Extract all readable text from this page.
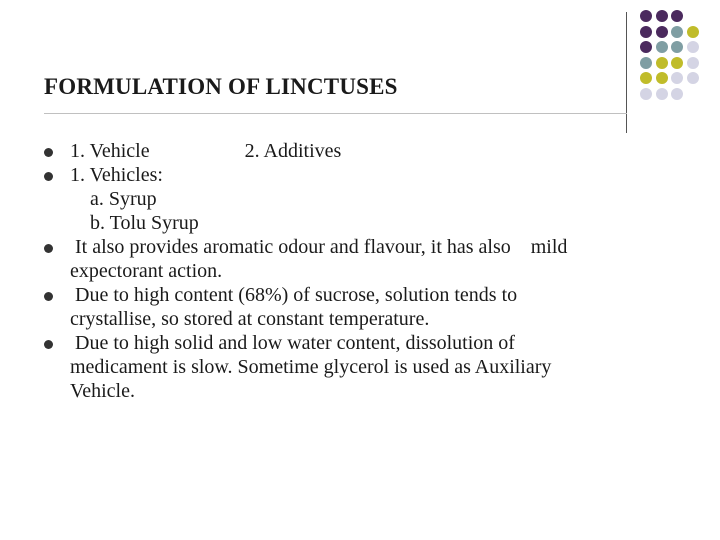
FORMULATION OF LINCTUSES
1. Vehicle                   2. Additives
1. Vehicles:
a. Syrup
b. Tolu Syrup
It also provides aromatic odour and flavour, it has also    mild
expectorant action.
Due to high content (68%) of sucrose, solution tends to
crystallise, so stored at constant temperature.
Due to high solid and low water content, dissolution of
medicament is slow. Sometime glycerol is used as Auxiliary
Vehicle.
